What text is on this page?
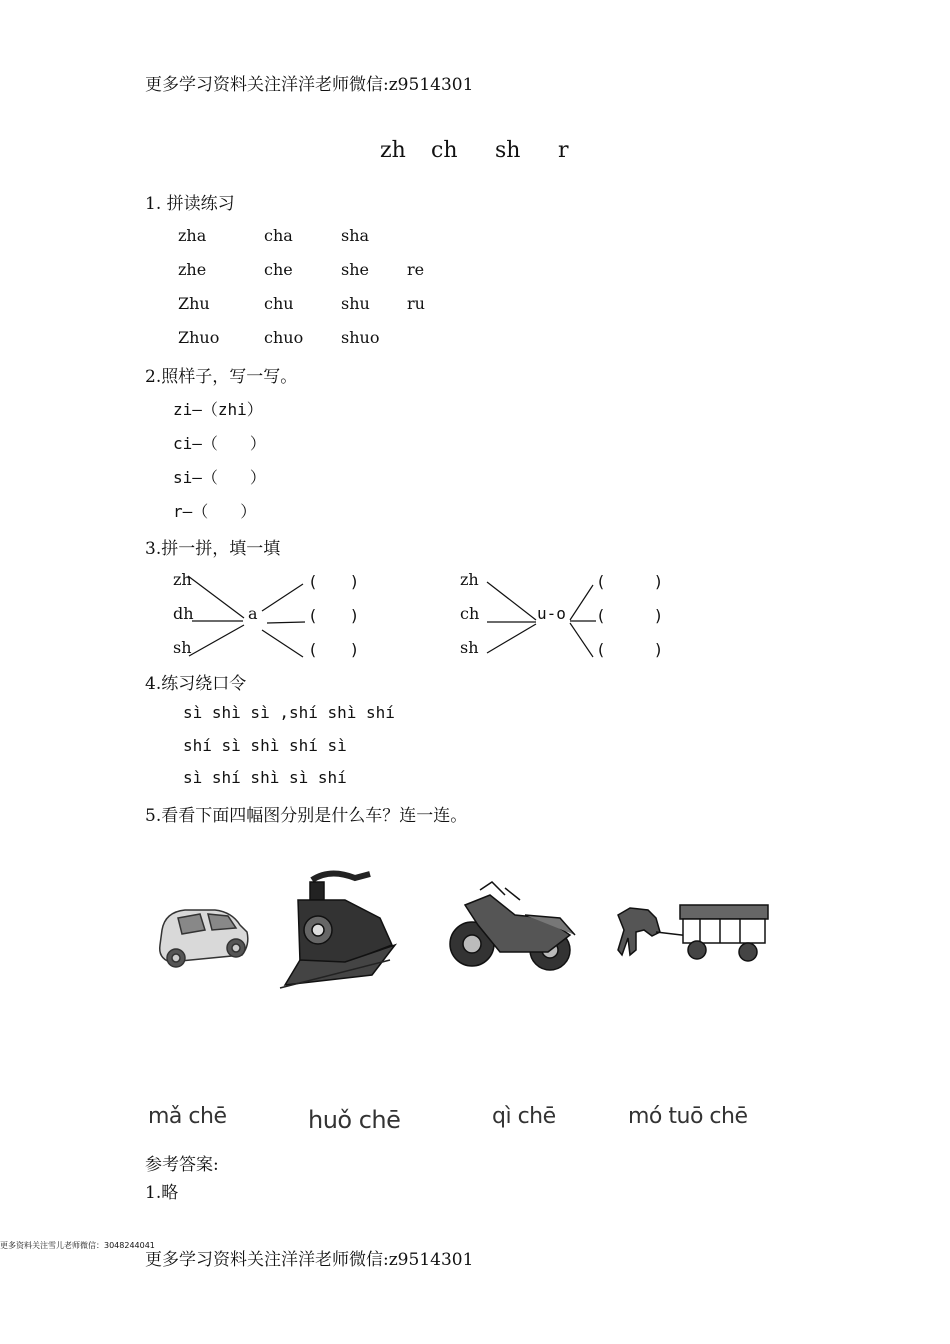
更多学习资料关注洋洋老师微信:z9514301
zh ch sh r
1. 拼读练习
zha	cha	sha
zhe	che	she re
Zhu	chu	shu ru
Zhuo	chuo shuo
2.照样子，写一写。
zi—（zhi）
ci—（　　）
si—（　　）
r—（　　）
3.拼一拼，填一填
zh
dh
sh
a
(　　)
(　　)
(　　)
zh
ch
sh
u-o
(　　　)
(　　　)
(　　　)
4.练习绕口令
sì shì sì ,shí shì shí
shí sì shì shí sì
sì shí shì sì shí
5.看看下面四幅图分别是什么车？连一连。
mǎ chē	huǒ chē	qì chē	mó tuō chē
参考答案:
1.略
更多资料关注雪儿老师微信：3048244041
更多学习资料关注洋洋老师微信:z9514301
